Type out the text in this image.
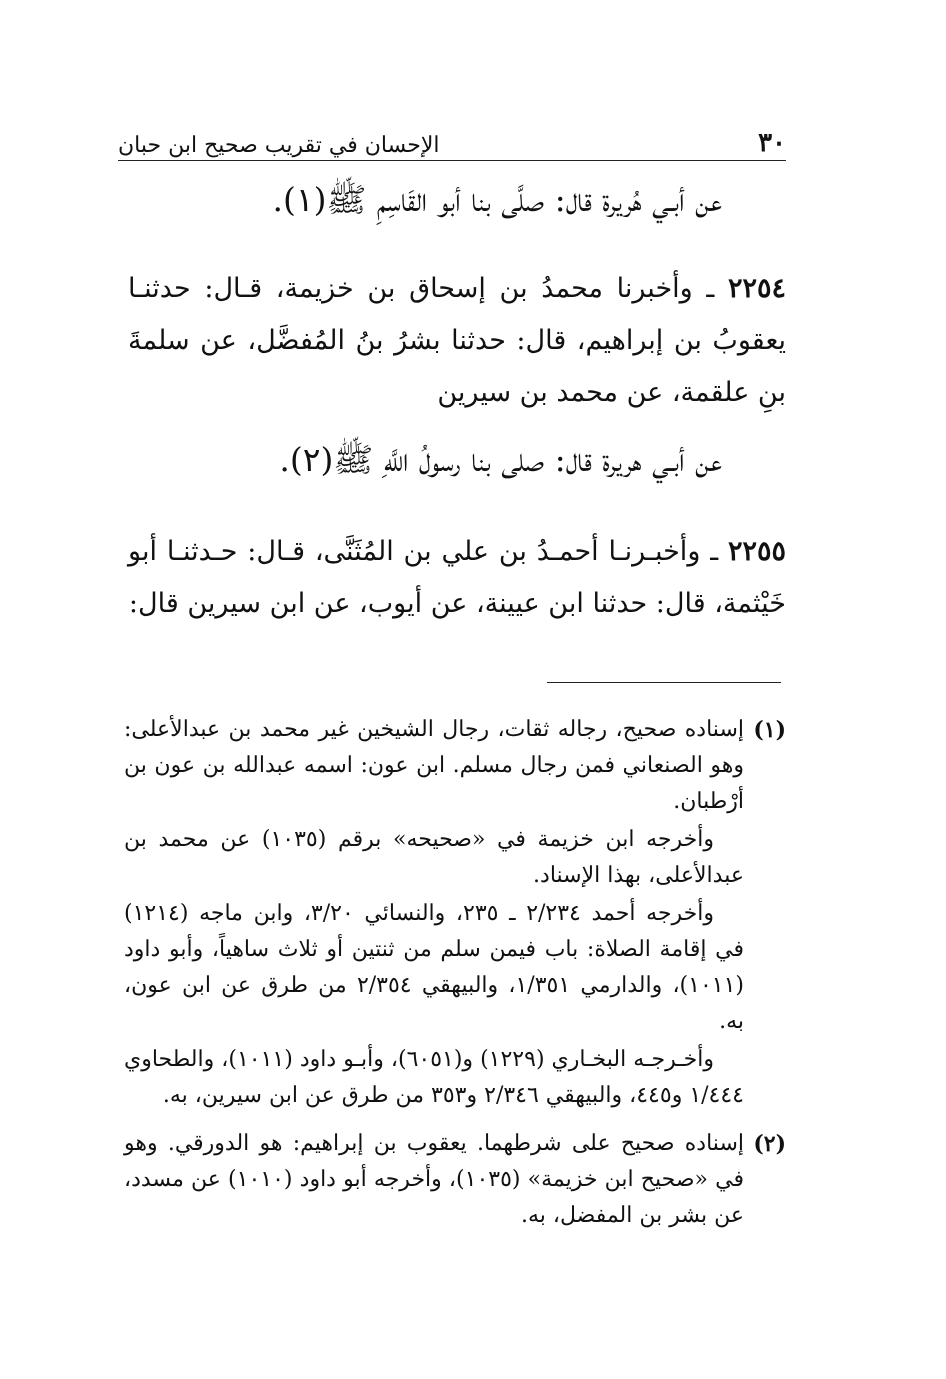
الإحسان في تقريب صحيح ابن حبان	٣٠
عن أبـي هُريرة قال: صلَّى بنا أبو القَاسِمِ ﷺ(١).
٢٢٥٤ ـ وأخبرنا محمدُ بن إسحاق بن خزيمة، قـال: حدثنـا يعقوبُ بن إبراهيم، قال: حدثنا بشرُ بنُ المُفضَّل، عن سلمةَ بنِ علقمة، عن محمد بن سيرين
عن أبـي هريرة قال: صلى بنا رسولُ اللَّهِ ﷺ(٢).
٢٢٥٥ ـ وأخبـرنـا أحمـدُ بن علي بن المُثَنَّى، قـال: حـدثنـا أبو خَيْثمة، قال: حدثنا ابن عيينة، عن أيوب، عن ابن سيرين قال:
(١)

إسناده صحيح، رجاله ثقات، رجال الشيخين غير محمد بن عبدالأعلى: وهو الصنعاني فمن رجال مسلم. ابن عون: اسمه عبدالله بن عون بن أرْطبان.

وأخرجه ابن خزيمة في «صحيحه» برقم (١٠٣٥) عن محمد بن عبدالأعلى، بهذا الإسناد.

وأخرجه أحمد ٢/٢٣٤ ـ ٢٣٥، والنسائي ٣/٢٠، وابن ماجه (١٢١٤) في إقامة الصلاة: باب فيمن سلم من ثنتين أو ثلاث ساهياً، وأبو داود (١٠١١)، والدارمي ١/٣٥١، والبيهقي ٢/٣٥٤ من طرق عن ابن عون، به.

وأخـرجـه البخـاري (١٢٢٩) و(٦٠٥١)، وأبـو داود (١٠١١)، والطحاوي ١/٤٤٤ و٤٤٥، والبيهقي ٢/٣٤٦ و٣٥٣ من طرق عن ابن سيرين، به.

(٢)

إسناده صحيح على شرطهما. يعقوب بن إبراهيم: هو الدورقي. وهو في «صحيح ابن خزيمة» (١٠٣٥)، وأخرجه أبو داود (١٠١٠) عن مسدد، عن بشر بن المفضل، به.
